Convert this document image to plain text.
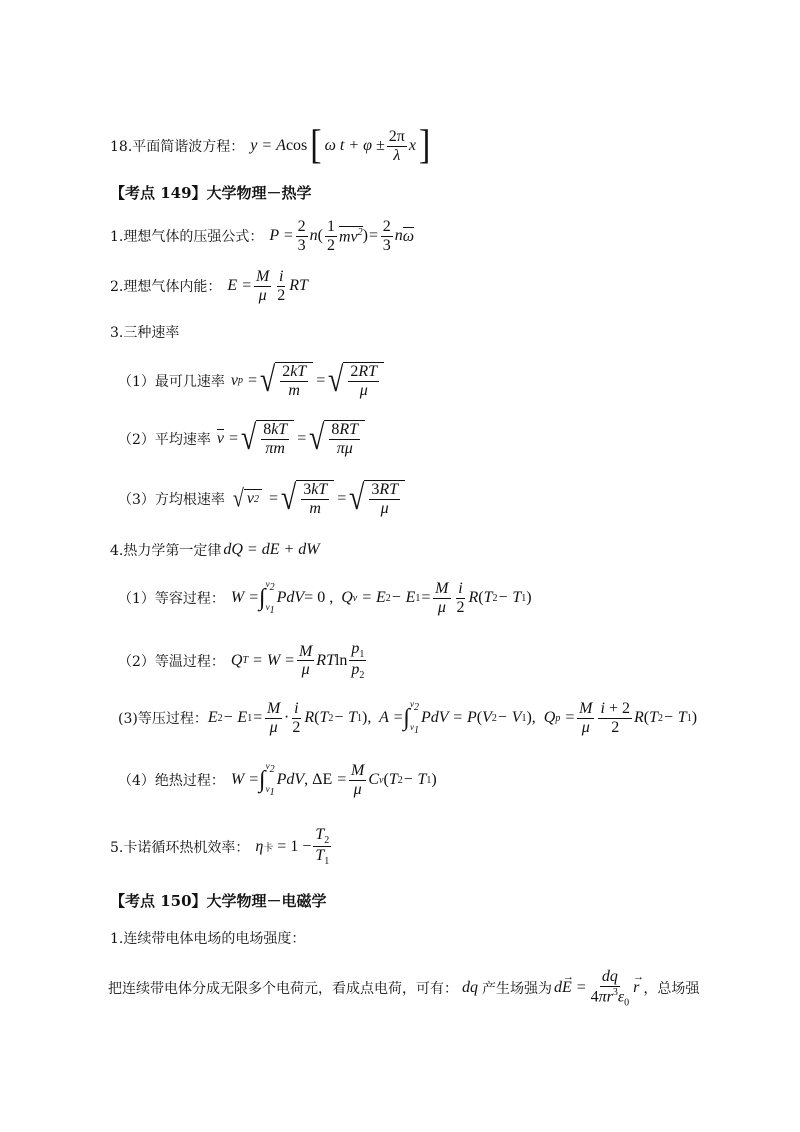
18.平面简谐波方程： y = A cos [ ω $t + \varphi \pm \frac{2\pi}{\lambda}$ x ]
【考点 149】大学物理－热学
1.理想气体的压强公式： $P = \frac{2}{3}$ n ( $\frac{1}{2} mv^2$ ) = $\frac{2}{3}$ n ω
2.理想气体内能： $E = \frac{M}{\mu} \frac{i}{2}$ RT
3.三种速率
（1）最可几速率 v p = √ $\frac{2kT}{m}$ = √ $\frac{2RT}{\mu}$
（2）平均速率 v = √ $\frac{8kT}{\pi m}$ = √ $\frac{8RT}{\pi\mu}$
（3）方均根速率 √ v 2 = √ $\frac{3kT}{m}$ = √ $\frac{3RT}{\mu}$
4.热力学第一定律 dQ = dE + dW
（1）等容过程： W = ∫
$v_2$
$v_1$
PdV = 0 , Q v = E 2 − E $1 = \frac{M}{\mu} \frac{i}{2}$ R ( T 2 − T 1 )
（2）等温过程： Q $T = W = \frac{M}{\mu}$ RT $\ln \frac{p_1}{p_2}$
(3)等压过程： E 2 − E $1 = \frac{M}{\mu} \cdot \frac{i}{2}$ R ( T 2 − T 1 ) , A = ∫
$v_2$
$v_1$
PdV = P ( V 2 − V 1 ) , Q $p = \frac{M}{\mu} \frac{i + 2}{2}$ R ( T 2 − T 1 )
（4）绝热过程： W = ∫
$v_2$
$v_1$
PdV ,
$\Delta E = \frac{M}{\mu}$ C v ( T 2 − T 1 )
5.卡诺循环热机效率： η 卡
= $1 - \frac{T_2}{T_1}$
【考点 150】大学物理－电磁学
1.连续带电体电场的电场强度：
把连续带电体分成无限多个电荷元，看成点电荷，可有： dq 产生场强为 d E
→
= $\frac{dq}{4\pi r^3\varepsilon_0}$ r
→
，总场强
